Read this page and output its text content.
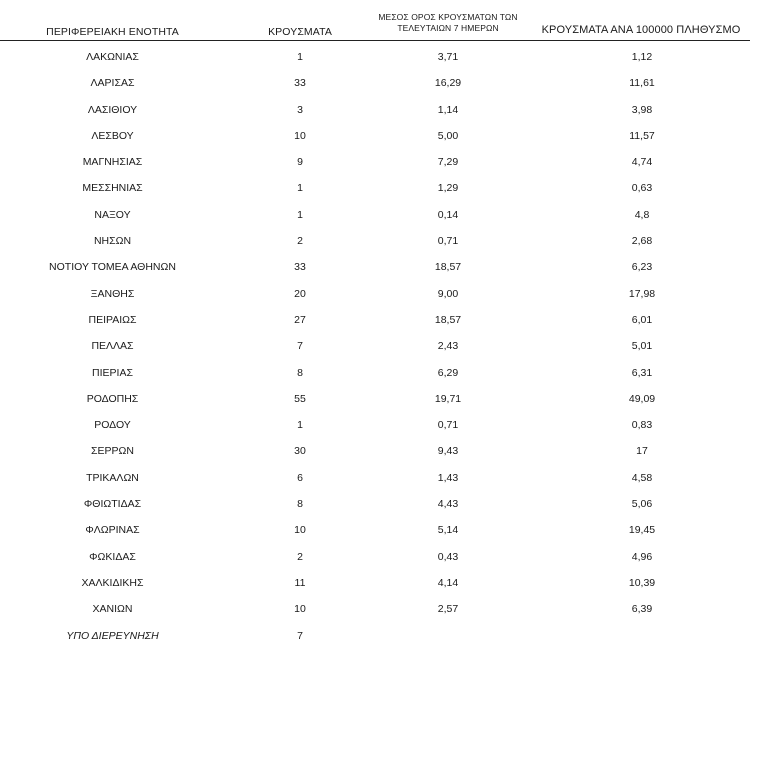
ΠΕΡΙΦΕΡΕΙΑΚΗ ΕΝΟΤΗΤΑ	ΚΡΟΥΣΜΑΤΑ
ΜΕΣΟΣ ΟΡΟΣ ΚΡΟΥΣΜΑΤΩΝ ΤΩΝ
ΤΕΛΕΥΤΑΙΩΝ 7 ΗΜΕΡΩΝ	ΚΡΟΥΣΜΑΤΑ ΑΝΑ 100000 ΠΛΗΘΥΣΜΟ
ΛΑΚΩΝΙΑΣ	1	3,71	1,12
ΛΑΡΙΣΑΣ	33	16,29	11,61
ΛΑΣΙΘΙΟΥ	3	1,14	3,98
ΛΕΣΒΟΥ	10	5,00	11,57
ΜΑΓΝΗΣΙΑΣ	9	7,29	4,74
ΜΕΣΣΗΝΙΑΣ	1	1,29	0,63
ΝΑΞΟΥ	1	0,14	4,8
ΝΗΣΩΝ	2	0,71	2,68
ΝΟΤΙΟΥ ΤΟΜΕΑ ΑΘΗΝΩΝ	33	18,57	6,23
ΞΑΝΘΗΣ	20	9,00	17,98
ΠΕΙΡΑΙΩΣ	27	18,57	6,01
ΠΕΛΛΑΣ	7	2,43	5,01
ΠΙΕΡΙΑΣ	8	6,29	6,31
ΡΟΔΟΠΗΣ	55	19,71	49,09
ΡΟΔΟΥ	1	0,71	0,83
ΣΕΡΡΩΝ	30	9,43	17
ΤΡΙΚΑΛΩΝ	6	1,43	4,58
ΦΘΙΩΤΙΔΑΣ	8	4,43	5,06
ΦΛΩΡΙΝΑΣ	10	5,14	19,45
ΦΩΚΙΔΑΣ	2	0,43	4,96
ΧΑΛΚΙΔΙΚΗΣ	11	4,14	10,39
ΧΑΝΙΩΝ	10	2,57	6,39
ΥΠΟ ΔΙΕΡΕΥΝΗΣΗ	7
